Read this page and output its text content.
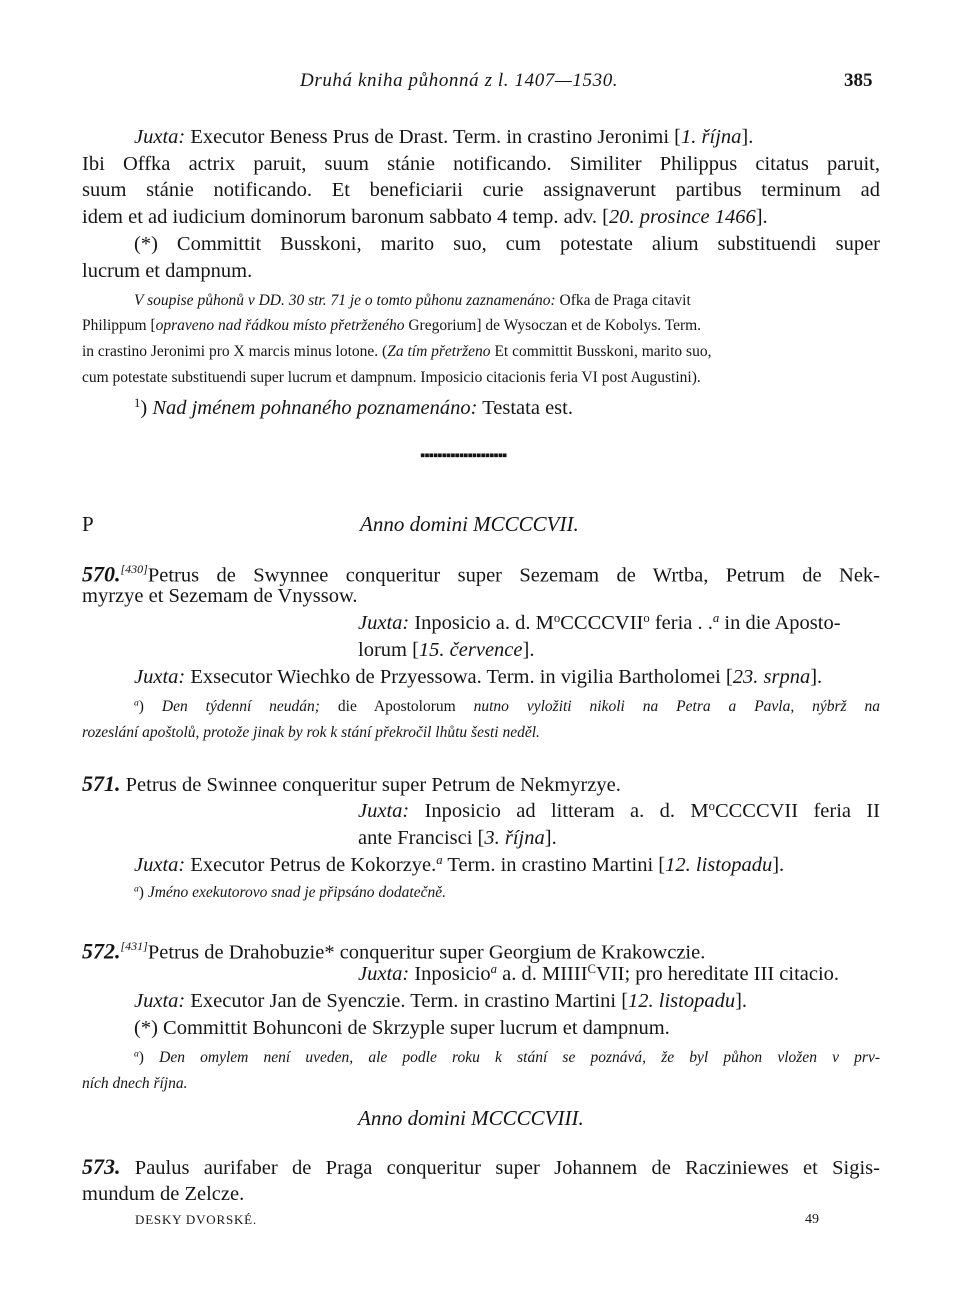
Druhá kniha půhonná z l. 1407—1530.	385
Juxta: Executor Beness Prus de Drast. Term. in crastino Jeronimi [1. října].
Ibi Offka actrix paruit, suum stánie notificando. Similiter Philippus citatus paruit,
suum stánie notificando. Et beneficiarii curie assignaverunt partibus terminum ad
idem et ad iudicium dominorum baronum sabbato 4 temp. adv. [20. prosince 1466].
(*) Committit Busskoni, marito suo, cum potestate alium substituendi super
lucrum et dampnum.
V soupise půhonů v DD. 30 str. 71 je o tomto půhonu zaznamenáno: Ofka de Praga citavit
Philippum [opraveno nad řádkou místo přetrženého Gregorium] de Wysoczan et de Kobolys. Term.
in crastino Jeronimi pro X marcis minus lotone. (Za tím přetrženo Et committit Busskoni, marito suo,
cum potestate substituendi super lucrum et dampnum. Imposicio citacionis feria VI post Augustini).
$^1$) Nad jménem pohnaného poznamenáno: Testata est.
▪▪▪▪▪▪▪▪▪▪▪▪▪▪▪▪▪▪▪▪
P	Anno domini MCCCCVII.
570.[430]Petrus de Swynnee conqueritur super Sezemam de Wrtba, Petrum de Nek-
myrzye et Sezemam de Vnyssow.
Juxta: Inposicio a. d. $M^oCCCCVII^o$ feria . .$^a$ in die Apostо-
lorum [15. července].
Juxta: Exsecutor Wiechko de Przyessowa. Term. in vigilia Bartholomei [23. srpna].
$^a$) Den týdenní neudán; die Apostolorum nutno vyložiti nikoli na Petra a Pavla, nýbrž na
rozeslání apoštolů, protože jinak by rok k stání překročil lhůtu šesti neděl.
571. Petrus de Swinnee conqueritur super Petrum de Nekmyrzye.
Juxta: Inposicio ad litteram a. d. $M^oCCCCVII$ feria II
ante Francisci [3. října].
Juxta: Executor Petrus de Kokorzye.$^a$ Term. in crastino Martini [12. listopadu].
$^a$) Jméno exekutorovo snad je připsáno dodatečně.
572.[431]Petrus de Drahobuzie* conqueritur super Georgium de Krakowczie.
Juxta: Inposicio$^a$ a. d. $MIIII^CVII$; pro hereditate III citacio.
Juxta: Executor Jan de Syenczie. Term. in crastino Martini [12. listopadu].
(*) Committit Bohunconi de Skrzyple super lucrum et dampnum.
$^a$) Den omylem není uveden, ale podle roku k stání se poznává, že byl půhon vložen v prv-
ních dnech října.
Anno domini MCCCCVIII.
573. Paulus aurifaber de Praga conqueritur super Johannem de Racziniewes et Sigis-
mundum de Zelcze.
DESKY DVORSKÉ.	49
